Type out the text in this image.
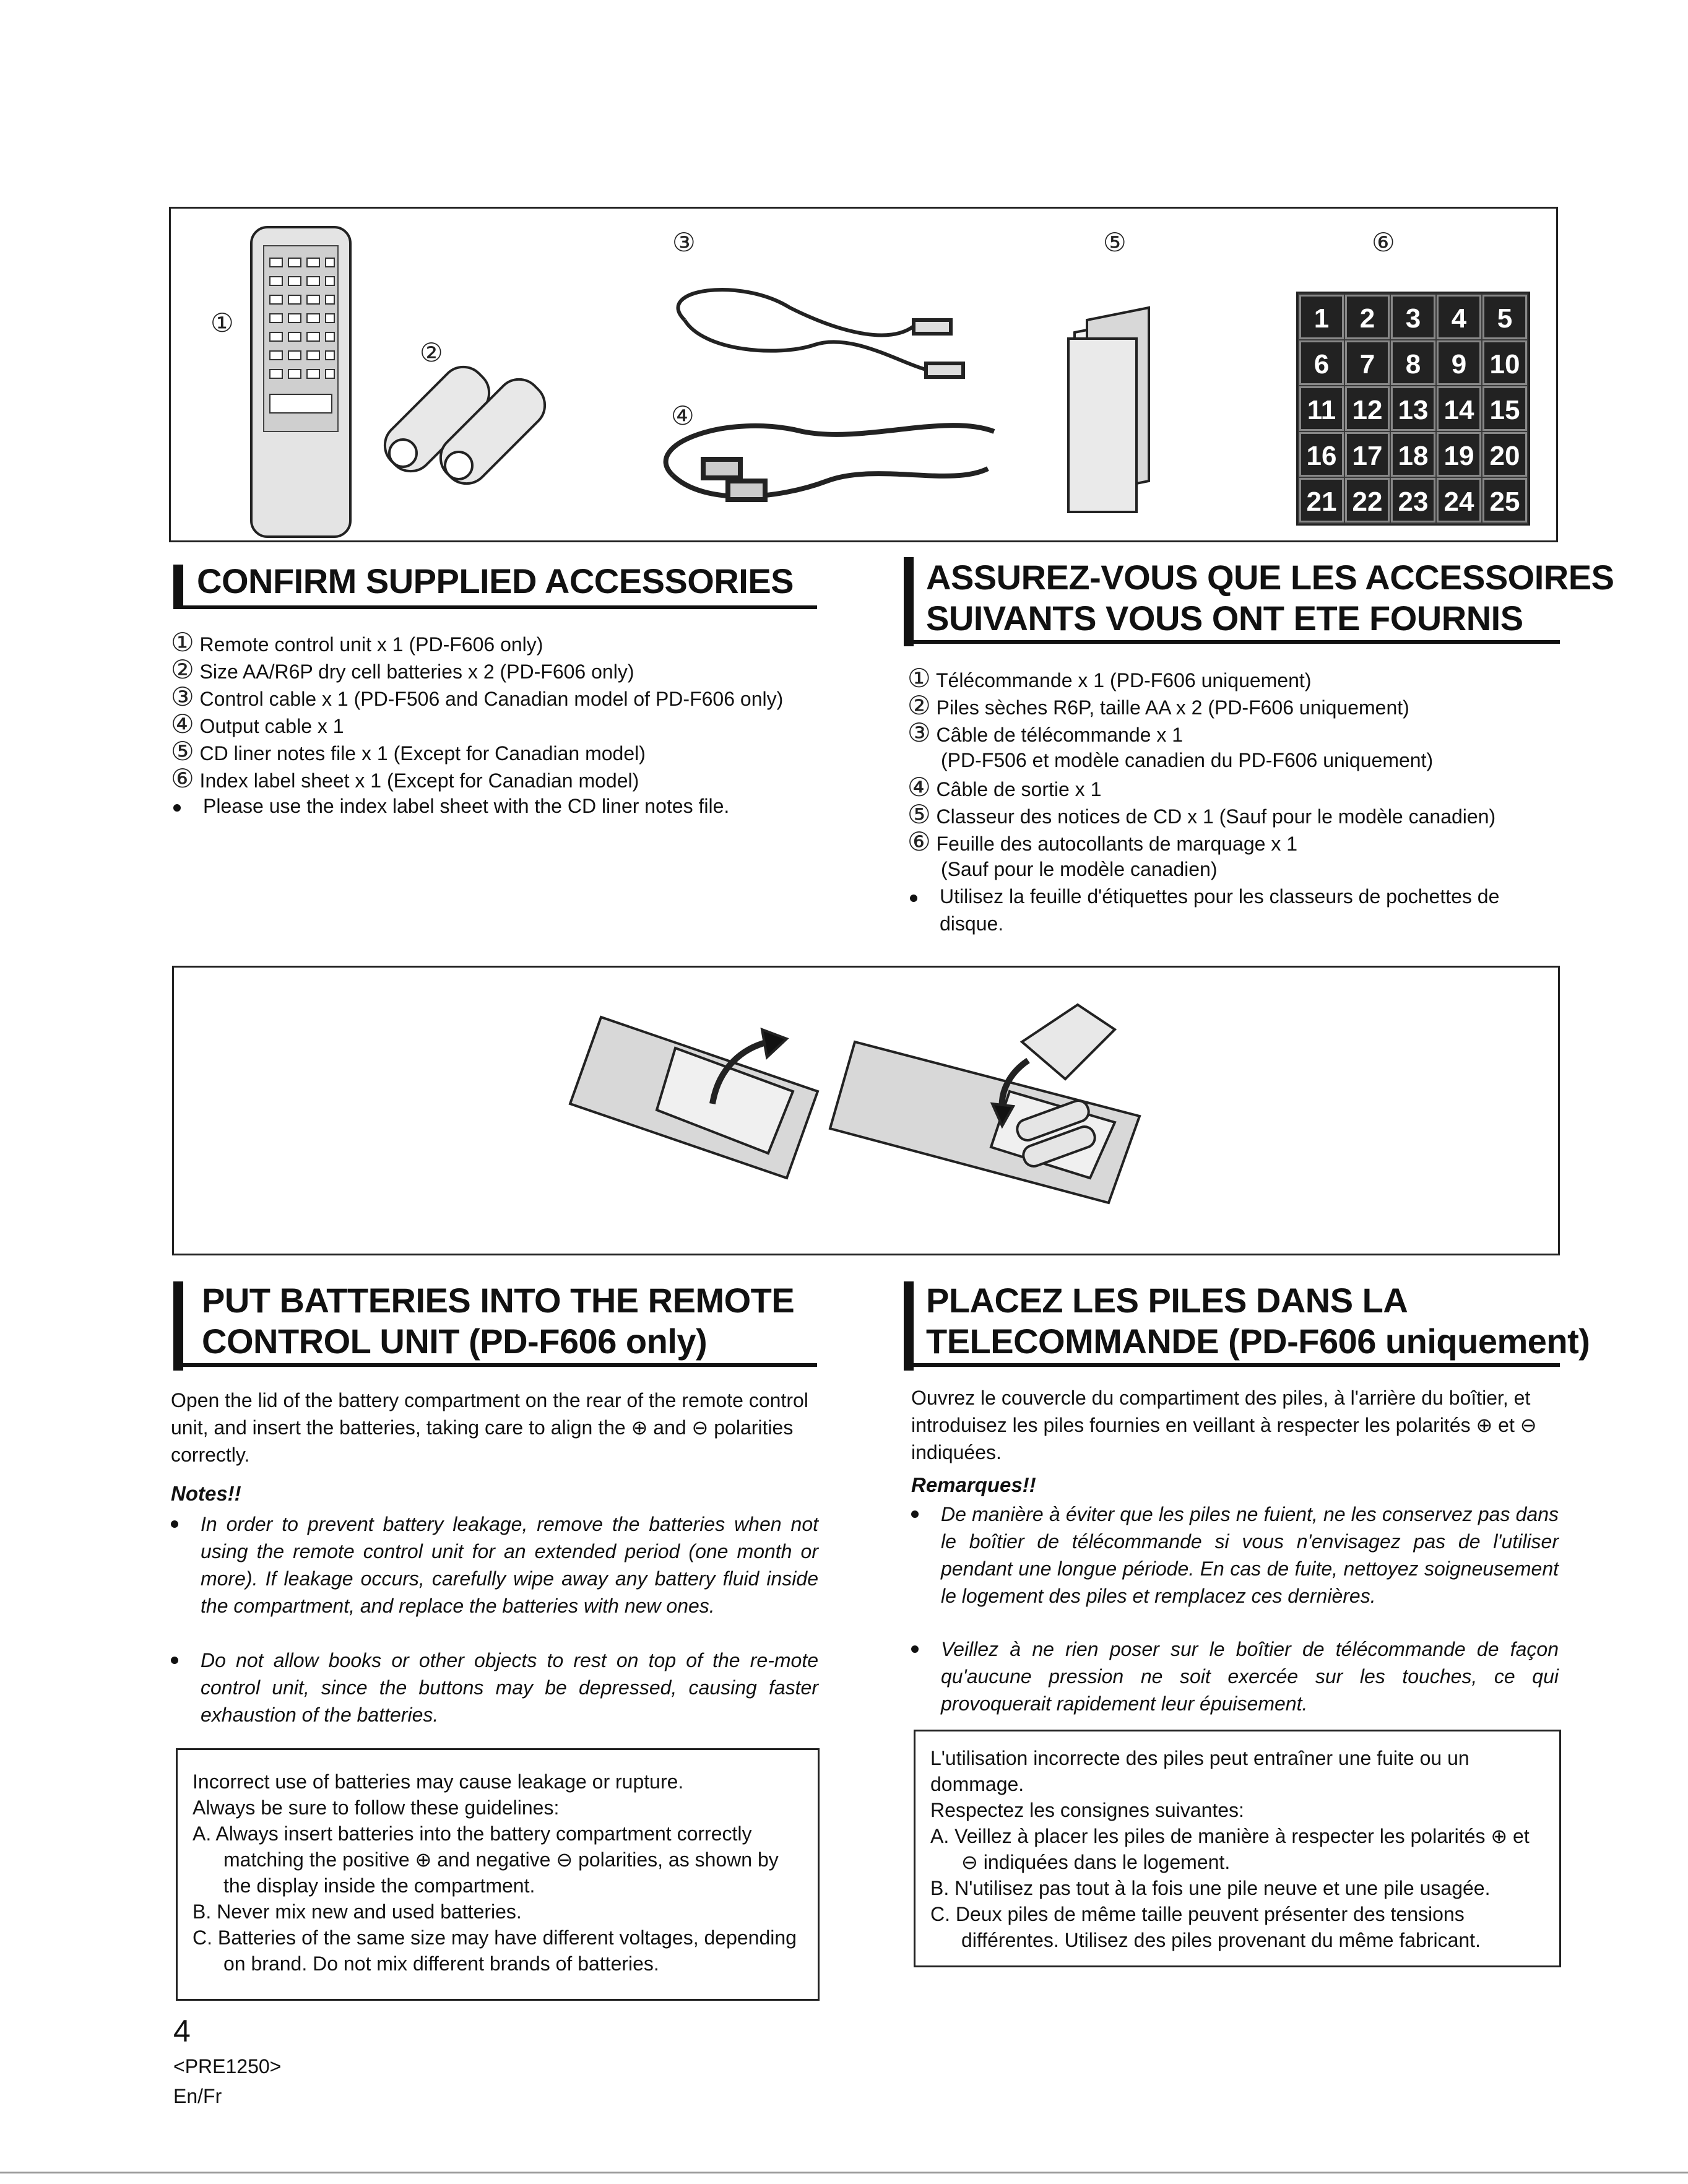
①
②
③
④
⑤	⑥
1	2	3	4	5
6	7	8	9 10
11 12 13 14 15
16 17 18 19 20
21 22 23 24 25
CONFIRM SUPPLIED ACCESSORIES
① Remote control unit x 1 (PD-F606 only)
② Size AA/R6P dry cell batteries x 2 (PD-F606 only)
③ Control cable x 1 (PD-F506 and Canadian model of PD-F606 only)
④ Output cable x 1
⑤ CD liner notes file x 1 (Except for Canadian model)
⑥ Index label sheet x 1 (Except for Canadian model)
Please use the index label sheet with the CD liner notes file.
ASSUREZ-VOUS QUE LES ACCESSOIRES
SUIVANTS VOUS ONT ETE FOURNIS
① Télécommande x 1 (PD-F606 uniquement)
② Piles sèches R6P, taille AA x 2 (PD-F606 uniquement)
③ Câble de télécommande x 1
(PD-F506 et modèle canadien du PD-F606 uniquement)
④ Câble de sortie x 1
⑤ Classeur des notices de CD x 1 (Sauf pour le modèle canadien)
⑥ Feuille des autocollants de marquage x 1
(Sauf pour le modèle canadien)
Utilisez la feuille d'étiquettes pour les classeurs de pochettes de
disque.
PUT BATTERIES INTO THE REMOTE
CONTROL UNIT (PD-F606 only)
Open the lid of the battery compartment on the rear of the remote control unit, and insert the batteries, taking care to align the ⊕ and ⊖ polarities correctly.
Notes!!
In order to prevent battery leakage, remove the batteries when not using the remote control unit for an extended period (one month or more). If leakage occurs, carefully wipe away any battery fluid inside the compartment, and replace the batteries with new ones.
Do not allow books or other objects to rest on top of the re-mote control unit, since the buttons may be depressed, causing faster exhaustion of the batteries.

Incorrect use of batteries may cause leakage or rupture.

Always be sure to follow these guidelines:

A. Always insert batteries into the battery compartment correctly matching the positive ⊕ and negative ⊖ polarities, as shown by the display inside the compartment.

B. Never mix new and used batteries.

C. Batteries of the same size may have different voltages, depending on brand. Do not mix different brands of batteries.

PLACEZ LES PILES DANS LA
TELECOMMANDE (PD-F606 uniquement)
Ouvrez le couvercle du compartiment des piles, à l'arrière du boîtier, et introduisez les piles fournies en veillant à respecter les polarités ⊕ et ⊖ indiquées.
Remarques!!
De manière à éviter que les piles ne fuient, ne les conservez pas dans le boîtier de télécommande si vous n'envisagez pas de l'utiliser pendant une longue période. En cas de fuite, nettoyez soigneusement le logement des piles et remplacez ces dernières.
Veillez à ne rien poser sur le boîtier de télécommande de façon qu'aucune pression ne soit exercée sur les touches, ce qui provoquerait rapidement leur épuisement.

L'utilisation incorrecte des piles peut entraîner une fuite ou un dommage.

Respectez les consignes suivantes:

A. Veillez à placer les piles de manière à respecter les polarités ⊕ et ⊖ indiquées dans le logement.

B. N'utilisez pas tout à la fois une pile neuve et une pile usagée.

C. Deux piles de même taille peuvent présenter des tensions différentes. Utilisez des piles provenant du même fabricant.

4
<PRE1250>
En/Fr
